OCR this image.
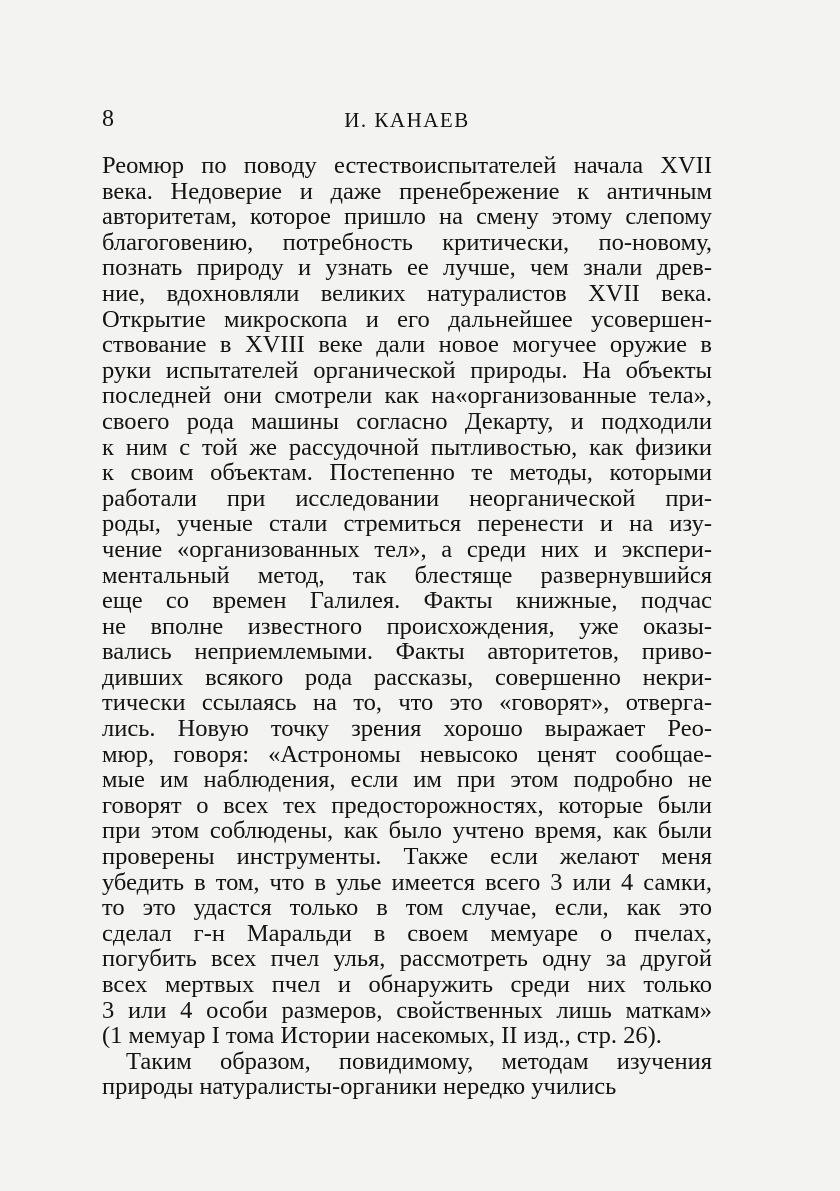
8	И. КАНАЕВ
Реомюр по поводу естествоиспытателей начала XVII
века. Недоверие и даже пренебрежение к античным
авторитетам, которое пришло на смену этому слепому
благоговению, потребность критически, по-новому,
познать природу и узнать ее лучше, чем знали древ-
ние, вдохновляли великих натуралистов XVII века.
Открытие микроскопа и его дальнейшее усовершен-
ствование в XVIII веке дали новое могучее оружие в
руки испытателей органической природы. На объекты
последней они смотрели как на«организованные тела»,
своего рода машины согласно Декарту, и подходили
к ним с той же рассудочной пытливостью, как физики
к своим объектам. Постепенно те методы, которыми
работали при исследовании неорганической при-
роды, ученые стали стремиться перенести и на изу-
чение «организованных тел», а среди них и экспери-
ментальный метод, так блестяще развернувшийся
еще со времен Галилея. Факты книжные, подчас
не вполне известного происхождения, уже оказы-
вались неприемлемыми. Факты авторитетов, приво-
дивших всякого рода рассказы, совершенно некри-
тически ссылаясь на то, что это «говорят», отверга-
лись. Новую точку зрения хорошо выражает Рео-
мюр, говоря: «Астрономы невысоко ценят сообщае-
мые им наблюдения, если им при этом подробно не
говорят о всех тех предосторожностях, которые были
при этом соблюдены, как было учтено время, как были
проверены инструменты. Также если желают меня
убедить в том, что в улье имеется всего 3 или 4 самки,
то это удастся только в том случае, если, как это
сделал г-н Маральди в своем мемуаре о пчелах,
погубить всех пчел улья, рассмотреть одну за другой
всех мертвых пчел и обнаружить среди них только
3 или 4 особи размеров, свойственных лишь маткам»
(1 мемуар I тома Истории насекомых, II изд., стр. 26).
Таким образом, повидимому, методам изучения
природы натуралисты-органики нередко учились
